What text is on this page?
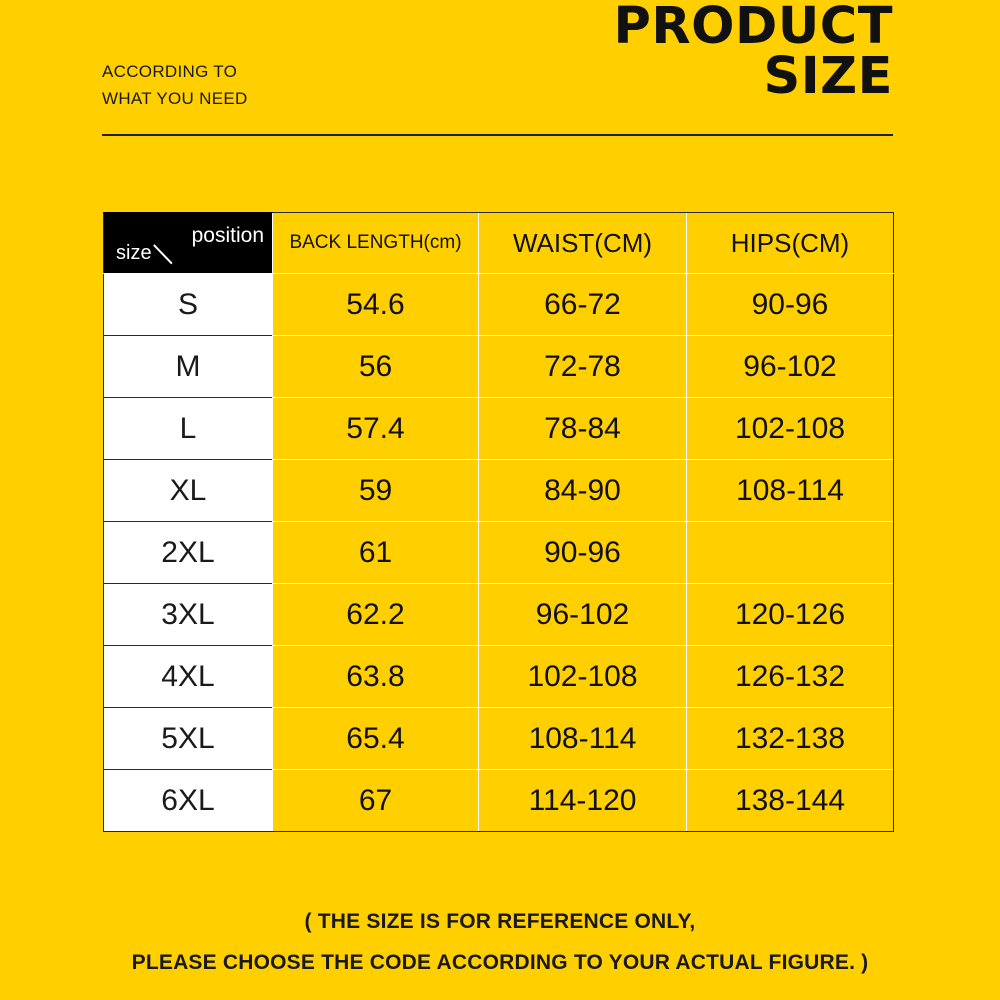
ACCORDING TO
WHAT YOU NEED
PRODUCT
SIZE
size
position	BACK LENGTH(cm)	WAIST(CM)	HIPS(CM)
S	54.6	66-72	90-96
M	56	72-78	96-102
L	57.4	78-84	102-108
XL	59	84-90	108-114
2XL	61	90-96	
3XL	62.2	96-102	120-126
4XL	63.8	102-108	126-132
5XL	65.4	108-114	132-138
6XL	67	114-120	138-144
( THE SIZE IS FOR REFERENCE ONLY,
PLEASE CHOOSE THE CODE ACCORDING TO YOUR ACTUAL FIGURE. )
